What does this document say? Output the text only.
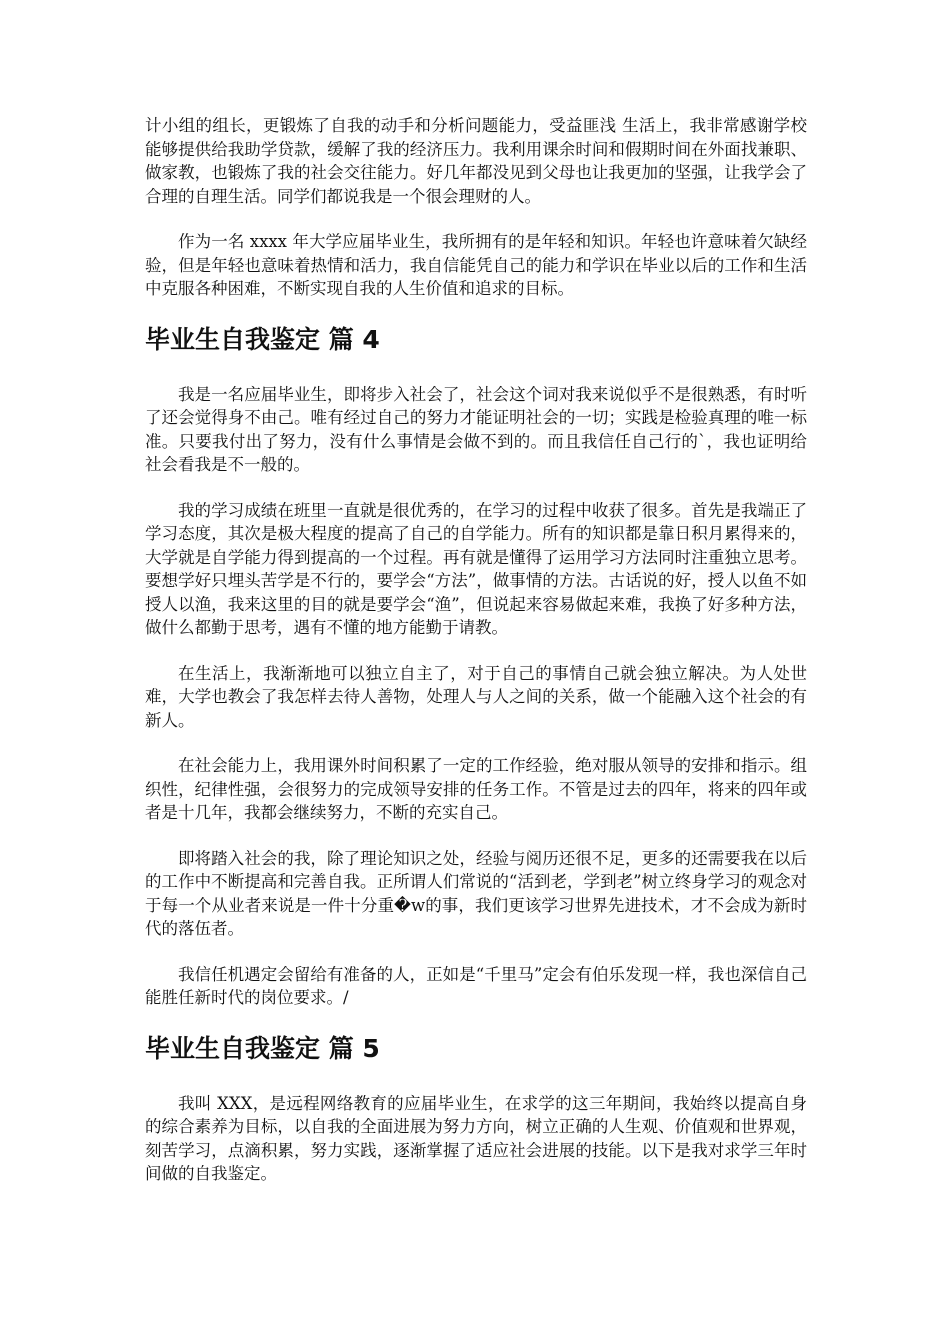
计小组的组长，更锻炼了自我的动手和分析问题能力，受益匪浅 生活上，我非常感谢学校能够提供给我助学贷款，缓解了我的经济压力。我利用课余时间和假期时间在外面找兼职、做家教，也锻炼了我的社会交往能力。好几年都没见到父母也让我更加的坚强，让我学会了合理的自理生活。同学们都说我是一个很会理财的人。

作为一名 xxxx 年大学应届毕业生，我所拥有的是年轻和知识。年轻也许意味着欠缺经验，但是年轻也意味着热情和活力，我自信能凭自己的能力和学识在毕业以后的工作和生活中克服各种困难，不断实现自我的人生价值和追求的目标。

毕业生自我鉴定 篇 4

我是一名应届毕业生，即将步入社会了，社会这个词对我来说似乎不是很熟悉，有时听了还会觉得身不由己。唯有经过自己的努力才能证明社会的一切；实践是检验真理的唯一标准。只要我付出了努力，没有什么事情是会做不到的。而且我信任自己行的`，我也证明给社会看我是不一般的。

我的学习成绩在班里一直就是很优秀的，在学习的过程中收获了很多。首先是我端正了学习态度，其次是极大程度的提高了自己的自学能力。所有的知识都是靠日积月累得来的，大学就是自学能力得到提高的一个过程。再有就是懂得了运用学习方法同时注重独立思考。要想学好只埋头苦学是不行的，要学会“方法”，做事情的方法。古话说的好，授人以鱼不如授人以渔，我来这里的目的就是要学会“渔”，但说起来容易做起来难，我换了好多种方法，做什么都勤于思考，遇有不懂的地方能勤于请教。

在生活上，我渐渐地可以独立自主了，对于自己的事情自己就会独立解决。为人处世难，大学也教会了我怎样去待人善物，处理人与人之间的关系，做一个能融入这个社会的有新人。

在社会能力上，我用课外时间积累了一定的工作经验，绝对服从领导的安排和指示。组织性，纪律性强，会很努力的完成领导安排的任务工作。不管是过去的四年，将来的四年或者是十几年，我都会继续努力，不断的充实自己。

即将踏入社会的我，除了理论知识之处，经验与阅历还很不足，更多的还需要我在以后的工作中不断提高和完善自我。正所谓人们常说的“活到老，学到老”树立终身学习的观念对于每一个从业者来说是一件十分重�w的事，我们更该学习世界先进技术，才不会成为新时代的落伍者。

我信任机遇定会留给有准备的人，正如是“千里马”定会有伯乐发现一样，我也深信自己能胜任新时代的岗位要求。/

毕业生自我鉴定 篇 5

我叫 XXX，是远程网络教育的应届毕业生，在求学的这三年期间，我始终以提高自身的综合素养为目标，以自我的全面进展为努力方向，树立正确的人生观、价值观和世界观，刻苦学习，点滴积累，努力实践，逐渐掌握了适应社会进展的技能。以下是我对求学三年时间做的自我鉴定。
